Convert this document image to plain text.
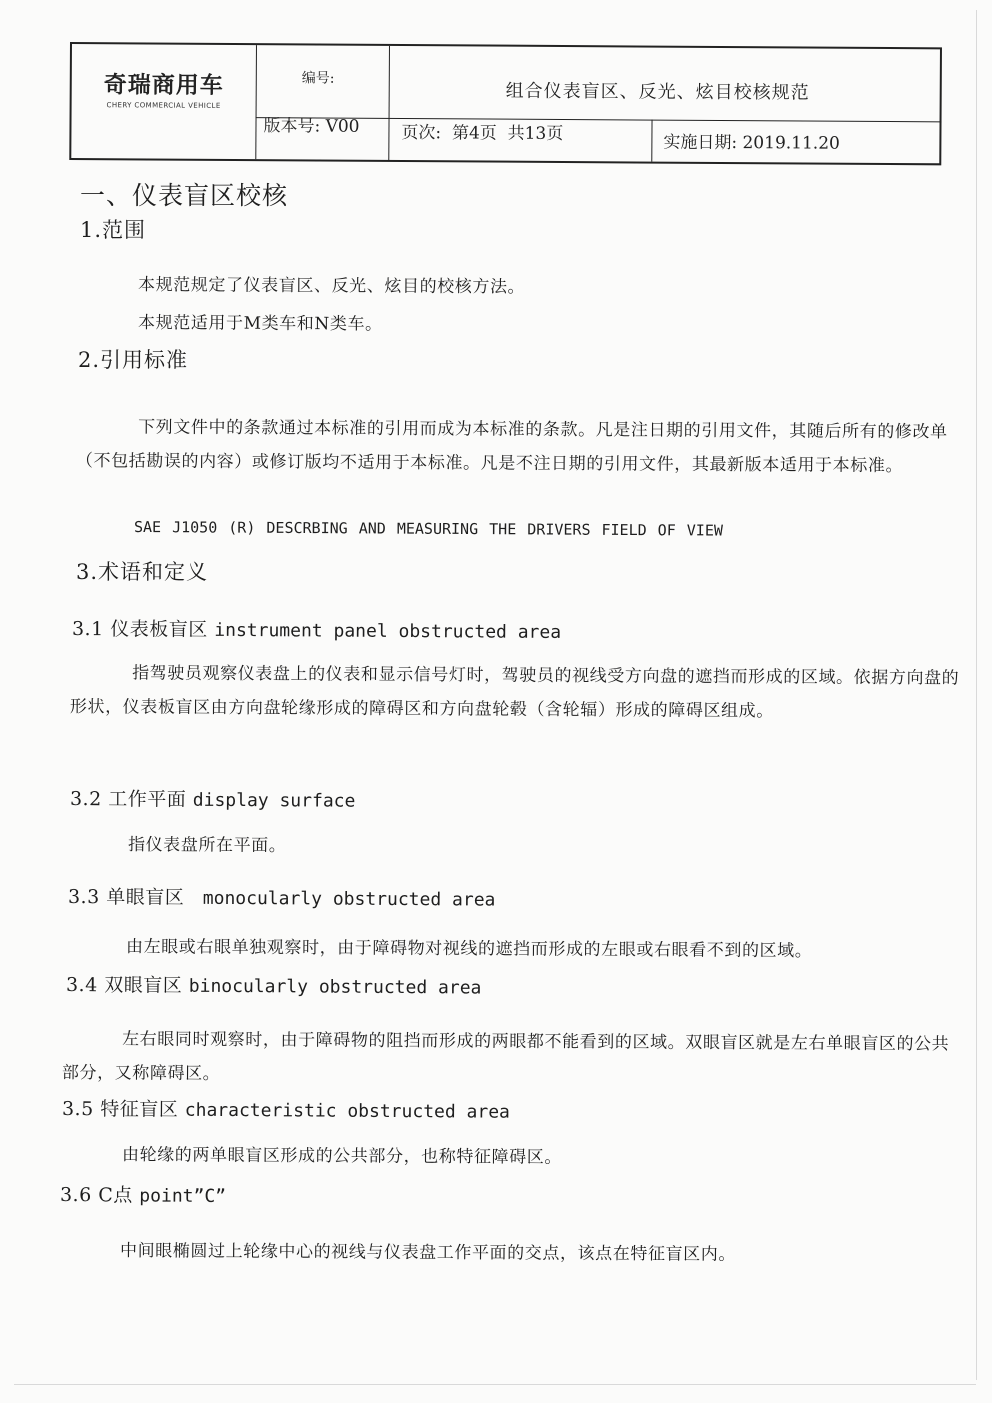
奇瑞商用车
CHERY COMMERCIAL VEHICLE
编号:
组合仪表盲区、反光、炫目校核规范
版本号: V00 页次:  第4页  共13页	实施日期: 2019.11.20

一、仪表盲区校核

1.范围

本规范规定了仪表盲区、反光、炫目的校核方法。

本规范适用于M类车和N类车。

2.引用标准

下列文件中的条款通过本标准的引用而成为本标准的条款。凡是注日期的引用文件，其随后所有的修改单（不包括勘误的内容）或修订版均不适用于本标准。凡是不注日期的引用文件，其最新版本适用于本标准。

SAE J1050 (R) DESCRBING AND MEASURING THE DRIVERS FIELD OF VIEW

3.术语和定义

3.1 仪表板盲区 instrument panel obstructed area

指驾驶员观察仪表盘上的仪表和显示信号灯时，驾驶员的视线受方向盘的遮挡而形成的区域。依据方向盘的形状，仪表板盲区由方向盘轮缘形成的障碍区和方向盘轮毂（含轮辐）形成的障碍区组成。

3.2 工作平面 display surface

指仪表盘所在平面。

3.3 单眼盲区 monocularly obstructed area

由左眼或右眼单独观察时，由于障碍物对视线的遮挡而形成的左眼或右眼看不到的区域。

3.4 双眼盲区 binocularly obstructed area

左右眼同时观察时，由于障碍物的阻挡而形成的两眼都不能看到的区域。双眼盲区就是左右单眼盲区的公共部分，又称障碍区。

3.5 特征盲区 characteristic obstructed area

由轮缘的两单眼盲区形成的公共部分，也称特征障碍区。

3.6 C点 point”C”

中间眼椭圆过上轮缘中心的视线与仪表盘工作平面的交点，该点在特征盲区内。
